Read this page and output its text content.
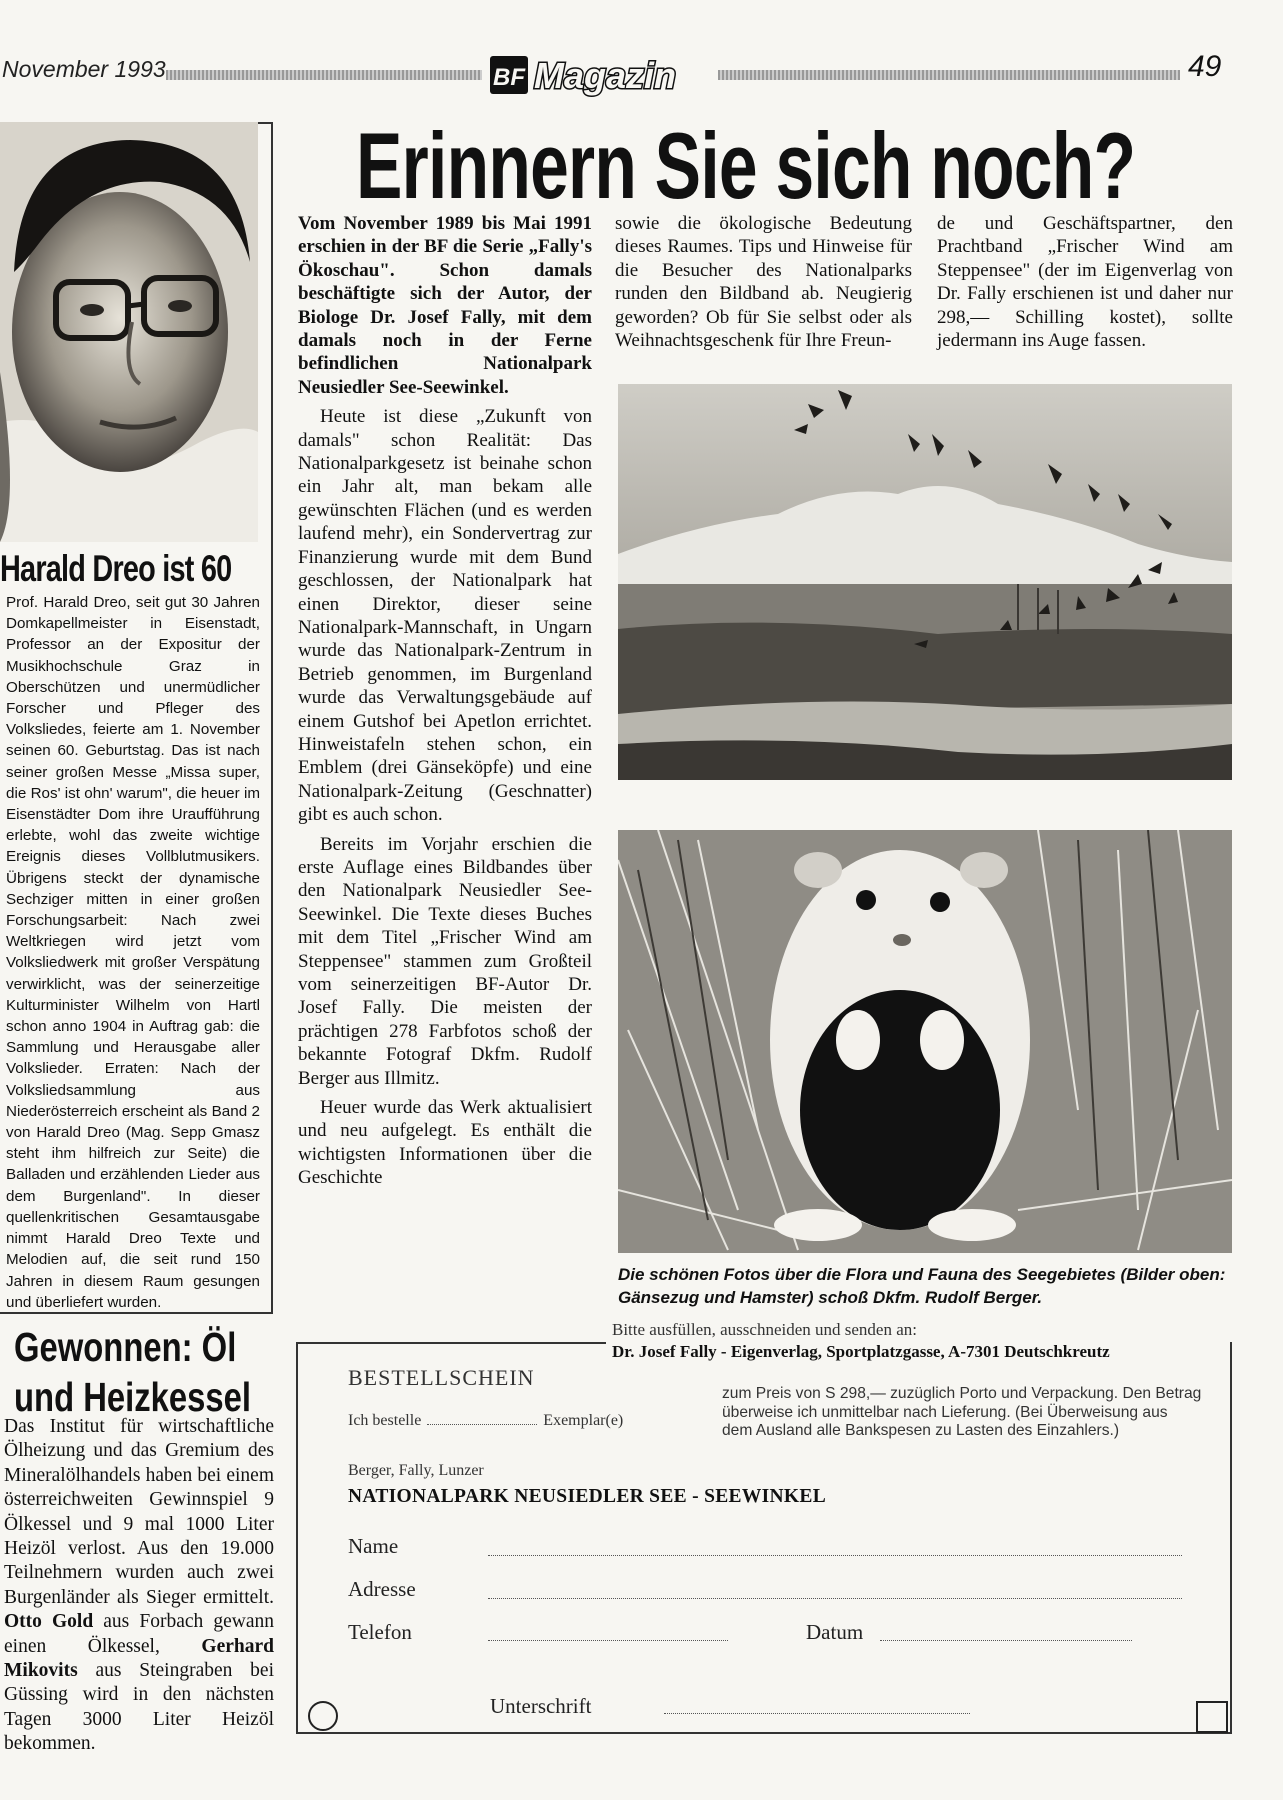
November 1993	BF Magazin	49
Harald Dreo ist 60
Prof. Harald Dreo, seit gut 30 Jahren Domkapellmeister in Eisenstadt, Professor an der Expositur der Musikhochschule Graz in Oberschützen und unermüdlicher Forscher und Pfleger des Volksliedes, feierte am 1. November seinen 60. Geburtstag. Das ist nach seiner großen Messe „Missa super, die Ros' ist ohn' warum", die heuer im Eisenstädter Dom ihre Uraufführung erlebte, wohl das zweite wichtige Ereignis dieses Vollblutmusikers. Übrigens steckt der dynamische Sechziger mitten in einer großen Forschungsarbeit: Nach zwei Weltkriegen wird jetzt vom Volksliedwerk mit großer Verspätung verwirklicht, was der seinerzeitige Kulturminister Wilhelm von Hartl schon anno 1904 in Auftrag gab: die Sammlung und Herausgabe aller Volkslieder. Erraten: Nach der Volksliedsammlung aus Niederösterreich erscheint als Band 2 von Harald Dreo (Mag. Sepp Gmasz steht ihm hilfreich zur Seite) die Balladen und erzählenden Lieder aus dem Burgenland". In dieser quellenkritischen Gesamtausgabe nimmt Harald Dreo Texte und Melodien auf, die seit rund 150 Jahren in diesem Raum gesungen und überliefert wurden.
Gewonnen: Öl
und Heizkessel
Das Institut für wirtschaftliche Ölheizung und das Gremium des Mineralölhandels haben bei einem österreichweiten Gewinnspiel 9 Ölkessel und 9 mal 1000 Liter Heizöl verlost. Aus den 19.000 Teilnehmern wurden auch zwei Burgenländer als Sieger ermittelt. Otto Gold aus Forbach gewann einen Ölkessel, Gerhard Mikovits aus Steingraben bei Güssing wird in den nächsten Tagen 3000 Liter Heizöl bekommen.
Erinnern Sie sich noch?

Vom November 1989 bis Mai 1991 erschien in der BF die Serie „Fally's Ökoschau". Schon damals beschäftigte sich der Autor, der Biologe Dr. Josef Fally, mit dem damals noch in der Ferne befindlichen Nationalpark Neusiedler See-Seewinkel.

Heute ist diese „Zukunft von damals" schon Realität: Das Nationalparkgesetz ist beinahe schon ein Jahr alt, man bekam alle gewünschten Flächen (und es werden laufend mehr), ein Sondervertrag zur Finanzierung wurde mit dem Bund geschlossen, der Nationalpark hat einen Direktor, dieser seine Nationalpark-Mannschaft, in Ungarn wurde das Nationalpark-Zentrum in Betrieb genommen, im Burgenland wurde das Verwaltungsgebäude auf einem Gutshof bei Apetlon errichtet. Hinweistafeln stehen schon, ein Emblem (drei Gänseköpfe) und eine Nationalpark-Zeitung (Geschnatter) gibt es auch schon.

Bereits im Vorjahr erschien die erste Auflage eines Bildbandes über den Nationalpark Neusiedler See-Seewinkel. Die Texte dieses Buches mit dem Titel „Frischer Wind am Steppensee" stammen zum Großteil vom seinerzeitigen BF-Autor Dr. Josef Fally. Die meisten der prächtigen 278 Farbfotos schoß der bekannte Fotograf Dkfm. Rudolf Berger aus Illmitz.

Heuer wurde das Werk aktualisiert und neu aufgelegt. Es enthält die wichtigsten Informationen über die Geschichte

sowie die ökologische Bedeutung dieses Raumes. Tips und Hinweise für die Besucher des Nationalparks runden den Bildband ab. Neugierig geworden? Ob für Sie selbst oder als Weihnachtsgeschenk für Ihre Freun-
de und Geschäftspartner, den Prachtband „Frischer Wind am Steppensee" (der im Eigenverlag von Dr. Fally erschienen ist und daher nur 298,— Schilling kostet), sollte jedermann ins Auge fassen.
Die schönen Fotos über die Flora und Fauna des Seegebietes (Bilder oben: Gänsezug und Hamster) schoß Dkfm. Rudolf Berger.
Bitte ausfüllen, ausschneiden und senden an:
Dr. Josef Fally - Eigenverlag, Sportplatzgasse, A-7301 Deutschkreutz
BESTELLSCHEIN
Ich bestelle	Exemplar(e)
zum Preis von S 298,— zuzüglich Porto und Verpackung. Den Betrag überweise ich unmittelbar nach Lieferung. (Bei Überweisung aus dem Ausland alle Bankspesen zu Lasten des Einzahlers.)
Berger, Fally, Lunzer
NATIONALPARK NEUSIEDLER SEE - SEEWINKEL
Name
Adresse
Telefon	Datum
Unterschrift
